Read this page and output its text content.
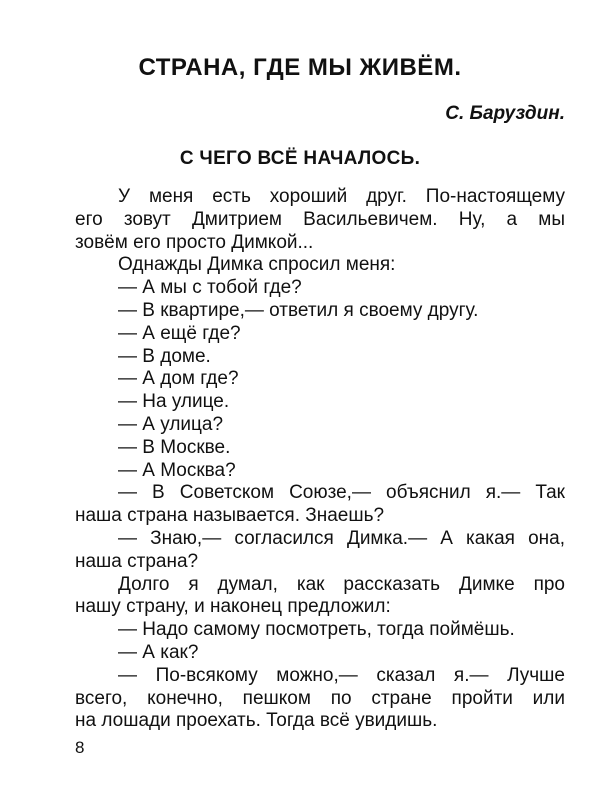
СТРАНА, ГДЕ МЫ ЖИВЁМ.
С. Баруздин.
С ЧЕГО ВСЁ НАЧАЛОСЬ.
У меня есть хороший друг. По-настоящему
его зовут Дмитрием Васильевичем. Ну, а мы
зовём его просто Димкой...
Однажды Димка спросил меня:
— А мы с тобой где?
— В квартире,— ответил я своему другу.
— А ещё где?
— В доме.
— А дом где?
— На улице.
— А улица?
— В Москве.
— А Москва?
— В Советском Союзе,— объяснил я.— Так
наша страна называется. Знаешь?
— Знаю,— согласился Димка.— А какая она,
наша страна?
Долго я думал, как рассказать Димке про
нашу страну, и наконец предложил:
— Надо самому посмотреть, тогда поймёшь.
— А как?
— По-всякому можно,— сказал я.— Лучше
всего, конечно, пешком по стране пройти или
на лошади проехать. Тогда всё увидишь.
8
